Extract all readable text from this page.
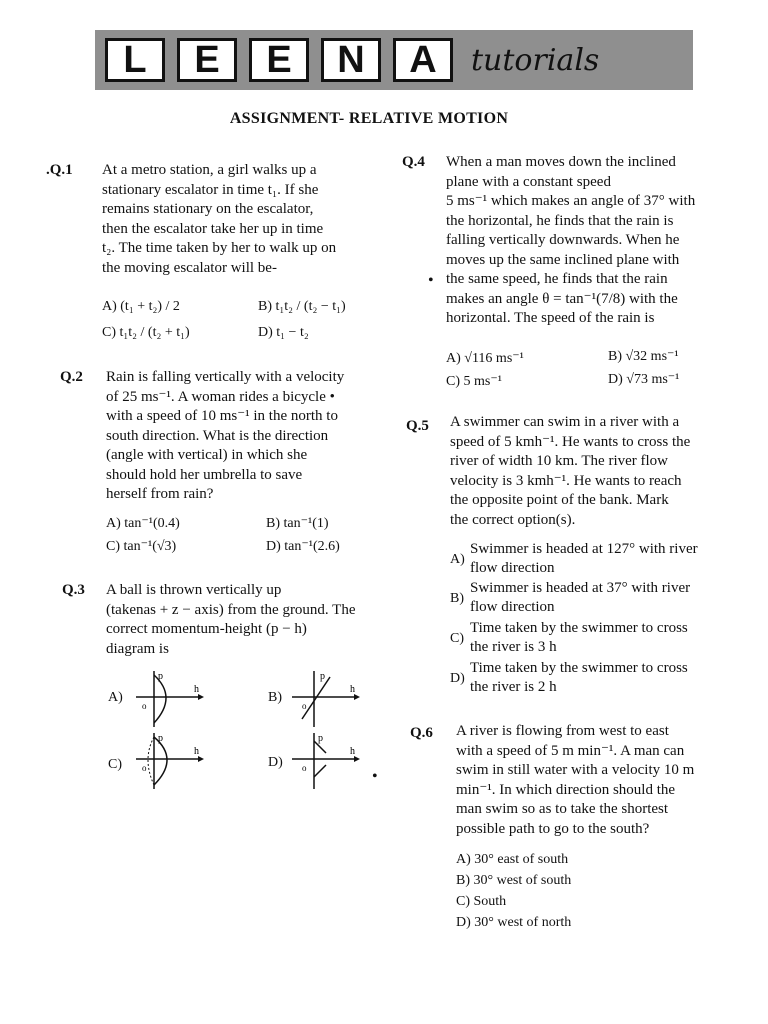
L	E	E	N	A	tutorials
ASSIGNMENT- RELATIVE MOTION
.Q.1 At a metro station, a girl walks up a
stationary escalator in time t₁. If she
remains stationary on the escalator,
then the escalator take her up in time
t₂. The time taken by her to walk up on
the moving escalator will be-
A) (t₁ + t₂) / 2	B) t₁t₂ / (t₂ − t₁)
C) t₁t₂ / (t₂ + t₁)	D) t₁ − t₂
Q.2 Rain is falling vertically with a velocity
of 25 ms⁻¹. A woman rides a bicycle •
with a speed of 10 ms⁻¹ in the north to
south direction. What is the direction
(angle with vertical) in which she
should hold her umbrella to save
herself from rain?
A) tan⁻¹(0.4)	B) tan⁻¹(1)
C) tan⁻¹(√3)	D) tan⁻¹(2.6)
Q.3 A ball is thrown vertically up
(takenas + z − axis) from the ground. The
correct momentum-height (p − h)
diagram is
A)
p
o
h
B)
p
o
h
C)
p
o
h
D)
p
o
h
•
Q.4 When a man moves down the inclined
plane with a constant speed
5 ms⁻¹ which makes an angle of 37° with
the horizontal, he finds that the rain is
falling vertically downwards. When he
moves up the same inclined plane with
the same speed, he finds that the rain
makes an angle θ = tan⁻¹(7/8) with the
horizontal. The speed of the rain is
A) √116 ms⁻¹	B) √32 ms⁻¹
C) 5 ms⁻¹	D) √73 ms⁻¹
•
Q.5 A swimmer can swim in a river with a
speed of 5 kmh⁻¹. He wants to cross the
river of width 10 km. The river flow
velocity is 3 kmh⁻¹. He wants to reach
the opposite point of the bank. Mark
the correct option(s).
A)
Swimmer is headed at 127° with river
flow direction
B)
Swimmer is headed at 37° with river
flow direction
C)
Time taken by the swimmer to cross
the river is 3 h
D)
Time taken by the swimmer to cross
the river is 2 h
Q.6 A river is flowing from west to east
with a speed of 5 m min⁻¹. A man can
swim in still water with a velocity 10 m
min⁻¹. In which direction should the
man swim so as to take the shortest
possible path to go to the south?
A) 30° east of south
B) 30° west of south
C) South
D) 30° west of north
